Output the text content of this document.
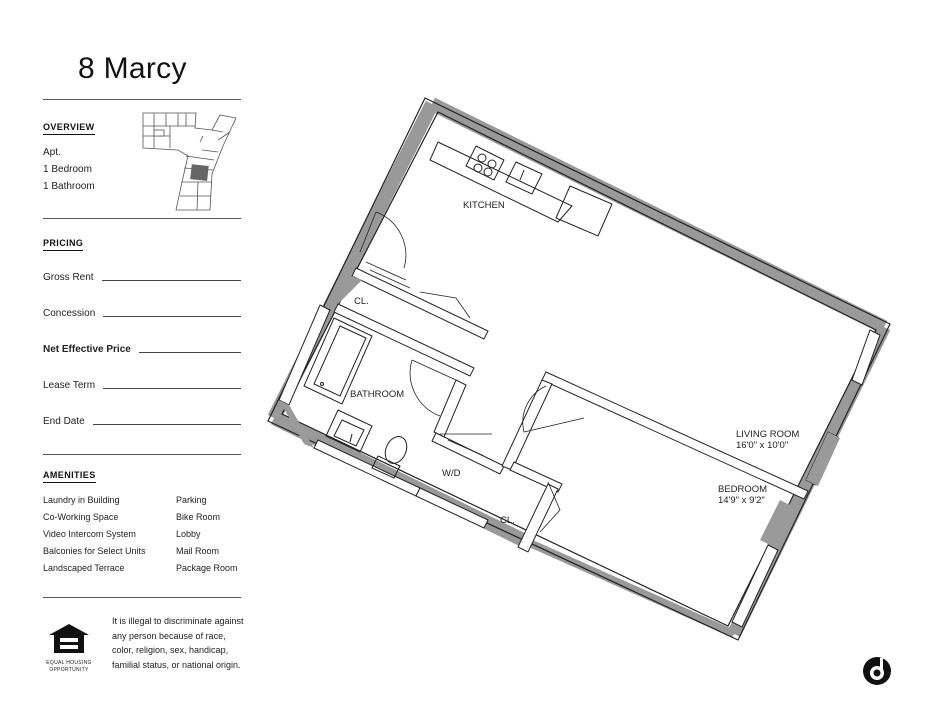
8 Marcy
OVERVIEW
Apt.
1 Bedroom
1 Bathroom
PRICING
Gross Rent
Concession
Net Effective Price
Lease Term
End Date
AMENITIES
Laundry in Building
Co-Working Space
Video Intercom System
Balconies for Select Units
Landscaped Terrace
Parking
Bike Room
Lobby
Mail Room
Package Room
EQUAL HOUSING
OPPORTUNITY
It is illegal to discriminate against any person because of race, color, religion, sex, handicap, familial status, or national origin.
KITCHEN
CL.
BATHROOM
W/D
CL.
LIVING ROOM
16'0" x 10'0"
BEDROOM
14'9" x 9'2"
